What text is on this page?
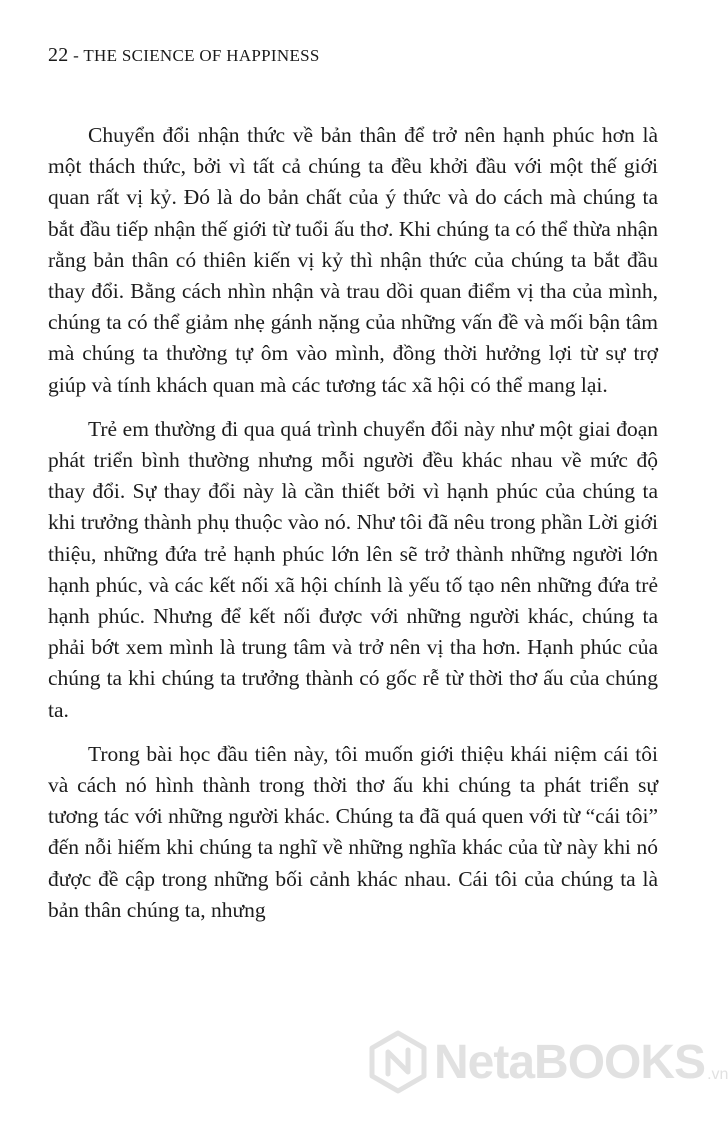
22 - THE SCIENCE OF HAPPINESS

Chuyển đổi nhận thức về bản thân để trở nên hạnh phúc hơn là một thách thức, bởi vì tất cả chúng ta đều khởi đầu với một thế giới quan rất vị kỷ. Đó là do bản chất của ý thức và do cách mà chúng ta bắt đầu tiếp nhận thế giới từ tuổi ấu thơ. Khi chúng ta có thể thừa nhận rằng bản thân có thiên kiến vị kỷ thì nhận thức của chúng ta bắt đầu thay đổi. Bằng cách nhìn nhận và trau dồi quan điểm vị tha của mình, chúng ta có thể giảm nhẹ gánh nặng của những vấn đề và mối bận tâm mà chúng ta thường tự ôm vào mình, đồng thời hưởng lợi từ sự trợ giúp và tính khách quan mà các tương tác xã hội có thể mang lại.

Trẻ em thường đi qua quá trình chuyển đổi này như một giai đoạn phát triển bình thường nhưng mỗi người đều khác nhau về mức độ thay đổi. Sự thay đổi này là cần thiết bởi vì hạnh phúc của chúng ta khi trưởng thành phụ thuộc vào nó. Như tôi đã nêu trong phần Lời giới thiệu, những đứa trẻ hạnh phúc lớn lên sẽ trở thành những người lớn hạnh phúc, và các kết nối xã hội chính là yếu tố tạo nên những đứa trẻ hạnh phúc. Nhưng để kết nối được với những người khác, chúng ta phải bớt xem mình là trung tâm và trở nên vị tha hơn. Hạnh phúc của chúng ta khi chúng ta trưởng thành có gốc rễ từ thời thơ ấu của chúng ta.

Trong bài học đầu tiên này, tôi muốn giới thiệu khái niệm cái tôi và cách nó hình thành trong thời thơ ấu khi chúng ta phát triển sự tương tác với những người khác. Chúng ta đã quá quen với từ “cái tôi” đến nỗi hiếm khi chúng ta nghĩ về những nghĩa khác của từ này khi nó được đề cập trong những bối cảnh khác nhau. Cái tôi của chúng ta là bản thân chúng ta, nhưng

NetaBOOKS .vn
